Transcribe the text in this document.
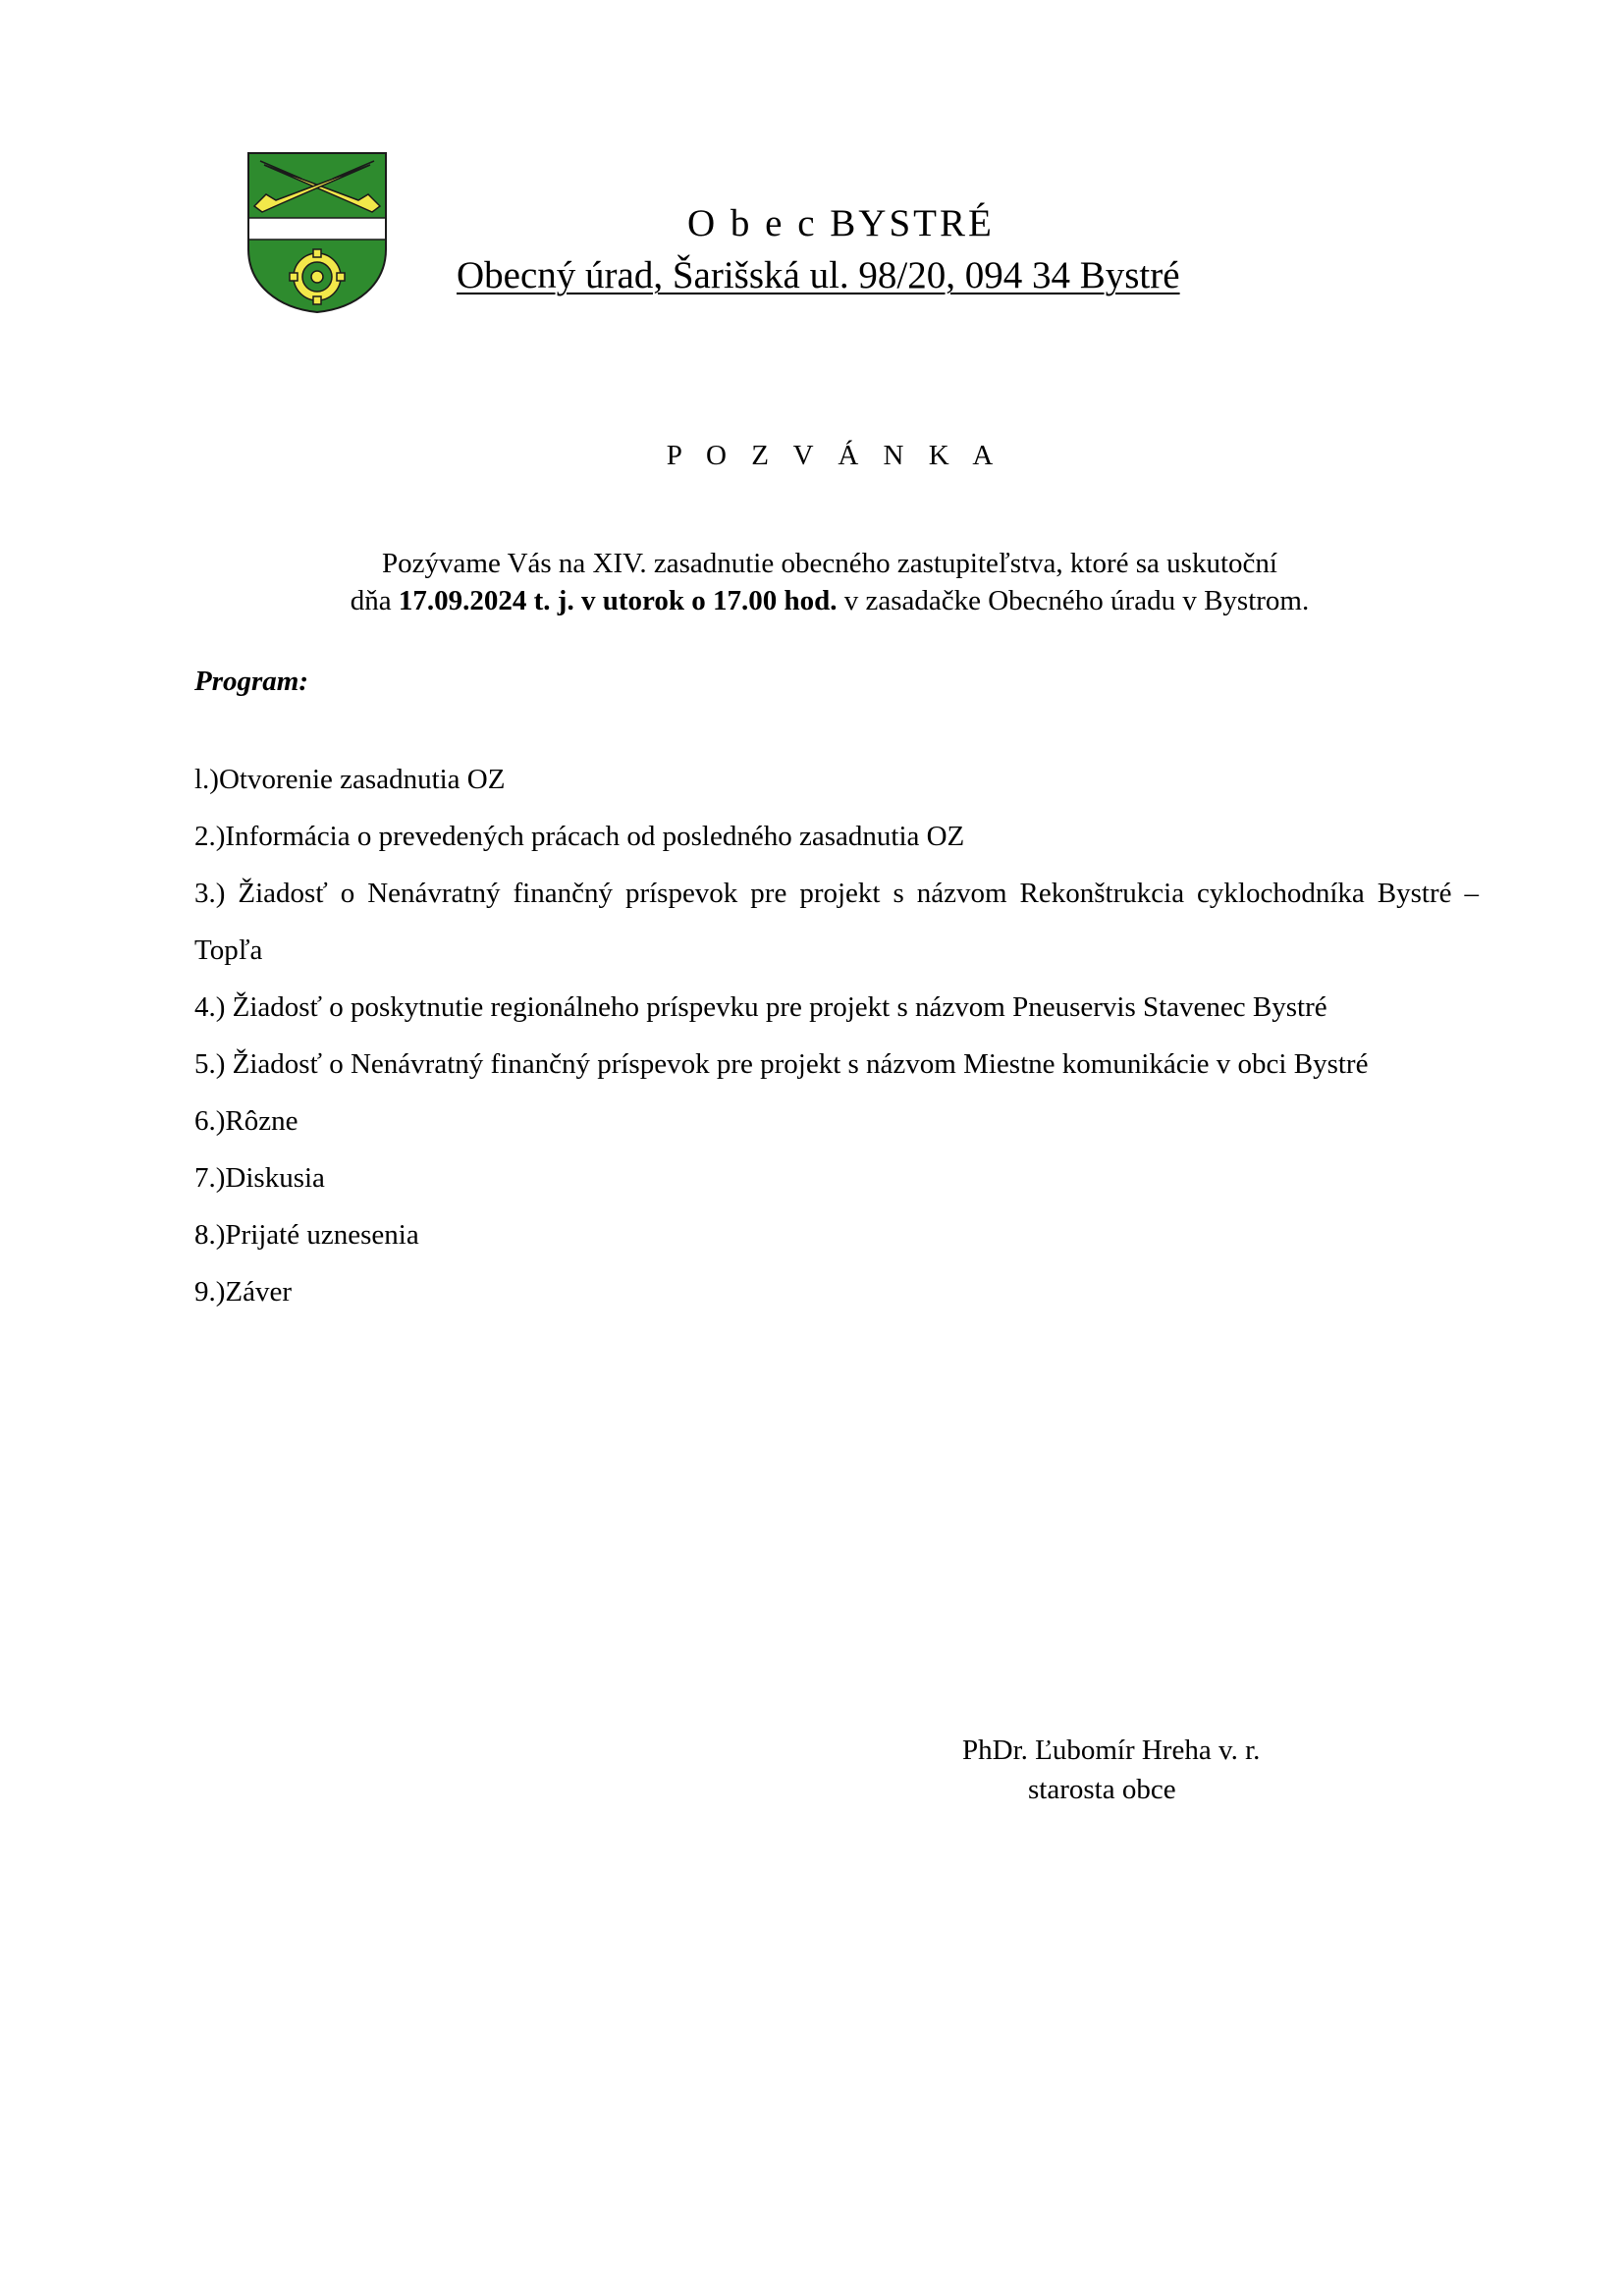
O b e c BYSTRÉ
Obecný úrad, Šarišská ul. 98/20, 094 34 Bystré
P O Z V Á N K A
Pozývame Vás na XIV. zasadnutie obecného zastupiteľstva, ktoré sa uskutoční
dňa 17.09.2024 t. j. v utorok o 17.00 hod. v zasadačke Obecného úradu v Bystrom.
Program:
l.)Otvorenie zasadnutia OZ
2.)Informácia o prevedených prácach od posledného zasadnutia OZ
3.) Žiadosť o Nenávratný finančný príspevok pre projekt s názvom Rekonštrukcia cyklochodníka Bystré – Topľa
4.) Žiadosť o poskytnutie regionálneho príspevku pre projekt s názvom Pneuservis Stavenec Bystré
5.) Žiadosť o Nenávratný finančný príspevok pre projekt s názvom Miestne komunikácie v obci Bystré
6.)Rôzne
7.)Diskusia
8.)Prijaté uznesenia
9.)Záver
PhDr. Ľubomír Hreha v. r.
starosta obce
